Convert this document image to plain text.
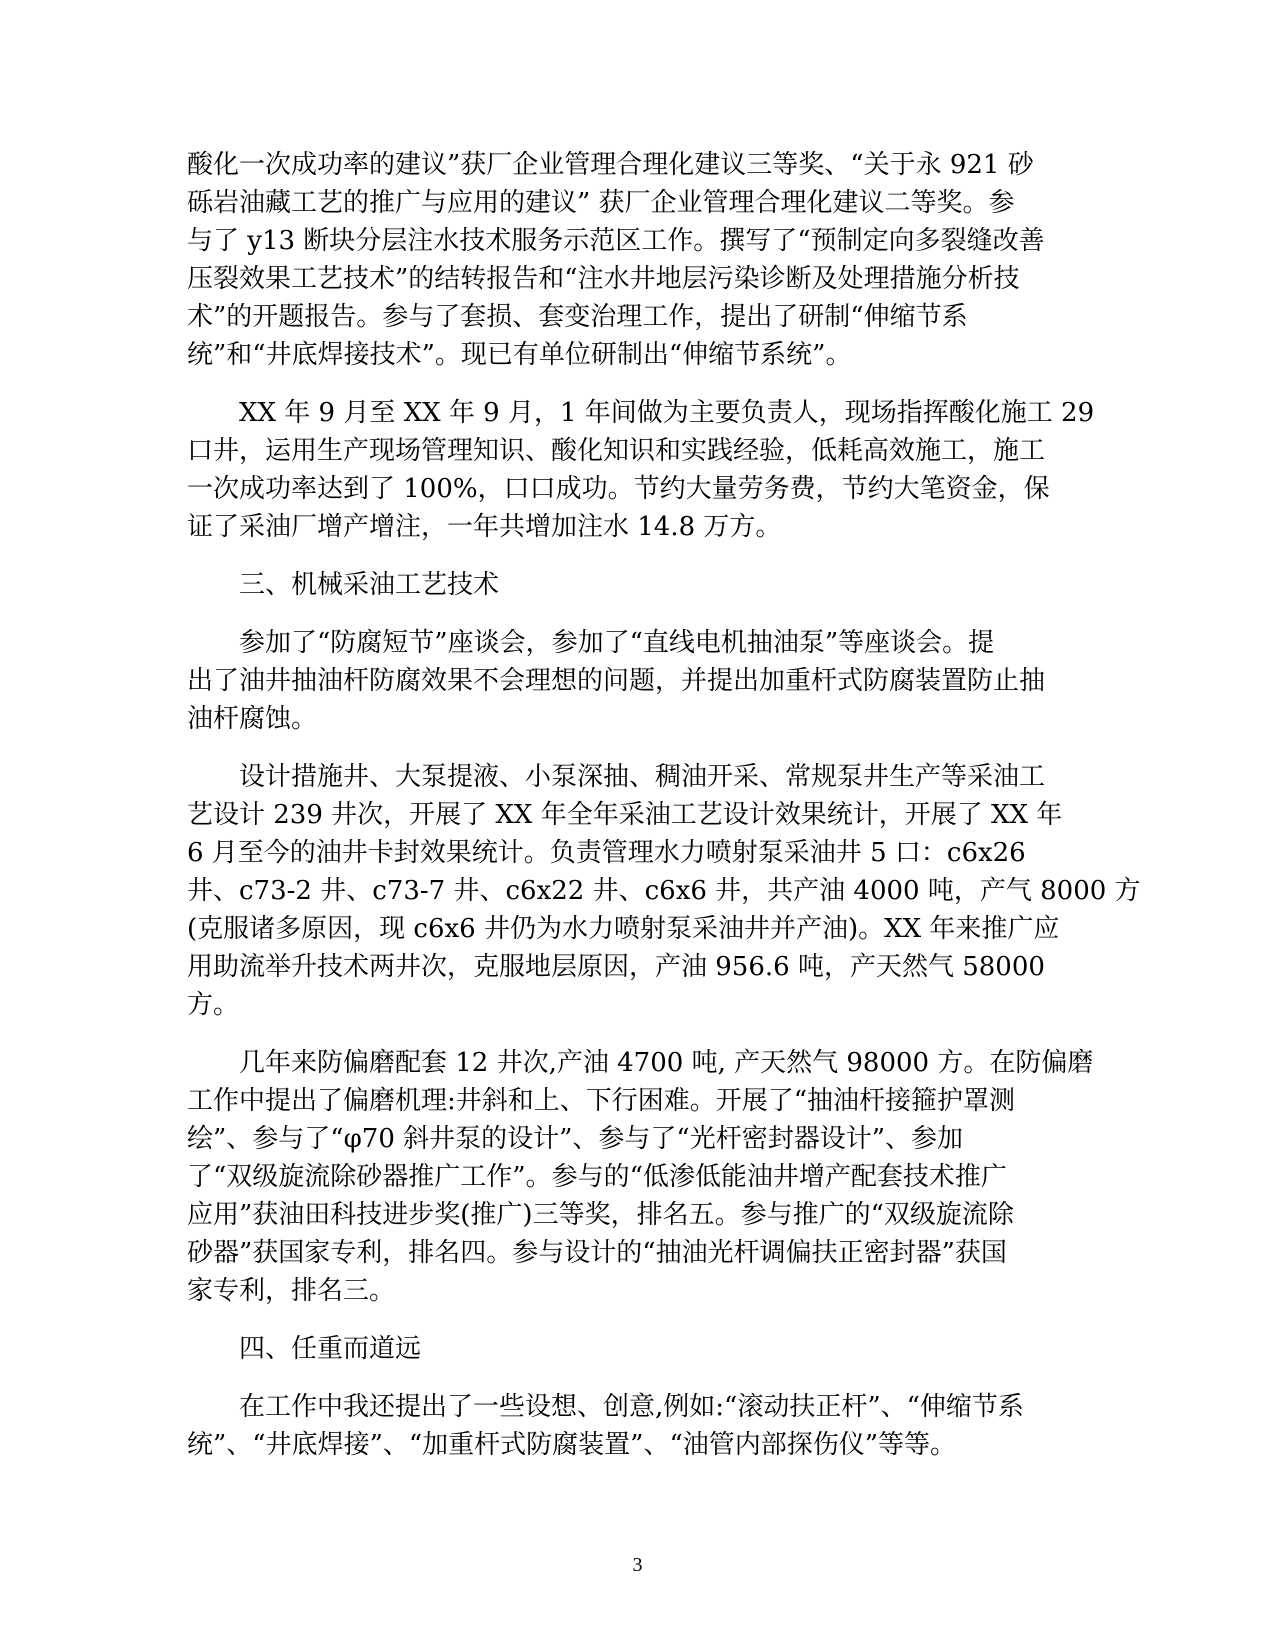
酸化一次成功率的建议”获厂企业管理合理化建议三等奖、“关于永 921 砂
砾岩油藏工艺的推广与应用的建议” 获厂企业管理合理化建议二等奖。参
与了 y13 断块分层注水技术服务示范区工作。撰写了“预制定向多裂缝改善
压裂效果工艺技术”的结转报告和“注水井地层污染诊断及处理措施分析技
术”的开题报告。参与了套损、套变治理工作，提出了研制“伸缩节系
统”和“井底焊接技术”。现已有单位研制出“伸缩节系统”。
XX 年 9 月至 XX 年 9 月，1 年间做为主要负责人，现场指挥酸化施工 29
口井，运用生产现场管理知识、酸化知识和实践经验，低耗高效施工，施工
一次成功率达到了 100%，口口成功。节约大量劳务费，节约大笔资金，保
证了采油厂增产增注，一年共增加注水 14.8 万方。
三、机械采油工艺技术
参加了“防腐短节”座谈会，参加了“直线电机抽油泵”等座谈会。提
出了油井抽油杆防腐效果不会理想的问题，并提出加重杆式防腐装置防止抽
油杆腐蚀。
设计措施井、大泵提液、小泵深抽、稠油开采、常规泵井生产等采油工
艺设计 239 井次，开展了 XX 年全年采油工艺设计效果统计，开展了 XX 年
6 月至今的油井卡封效果统计。负责管理水力喷射泵采油井 5 口：c6x26
井、c73-2 井、c73-7 井、c6x22 井、c6x6 井，共产油 4000 吨，产气 8000 方
(克服诸多原因，现 c6x6 井仍为水力喷射泵采油井并产油)。XX 年来推广应
用助流举升技术两井次，克服地层原因，产油 956.6 吨，产天然气 58000
方。
几年来防偏磨配套 12 井次,产油 4700 吨, 产天然气 98000 方。在防偏磨
工作中提出了偏磨机理:井斜和上、下行困难。开展了“抽油杆接箍护罩测
绘”、参与了“φ70 斜井泵的设计”、参与了“光杆密封器设计”、参加
了“双级旋流除砂器推广工作”。参与的“低渗低能油井增产配套技术推广
应用”获油田科技进步奖(推广)三等奖，排名五。参与推广的“双级旋流除
砂器”获国家专利，排名四。参与设计的“抽油光杆调偏扶正密封器”获国
家专利，排名三。
四、任重而道远
在工作中我还提出了一些设想、创意,例如:“滚动扶正杆”、“伸缩节系
统”、“井底焊接”、“加重杆式防腐装置”、“油管内部探伤仪”等等。
3
